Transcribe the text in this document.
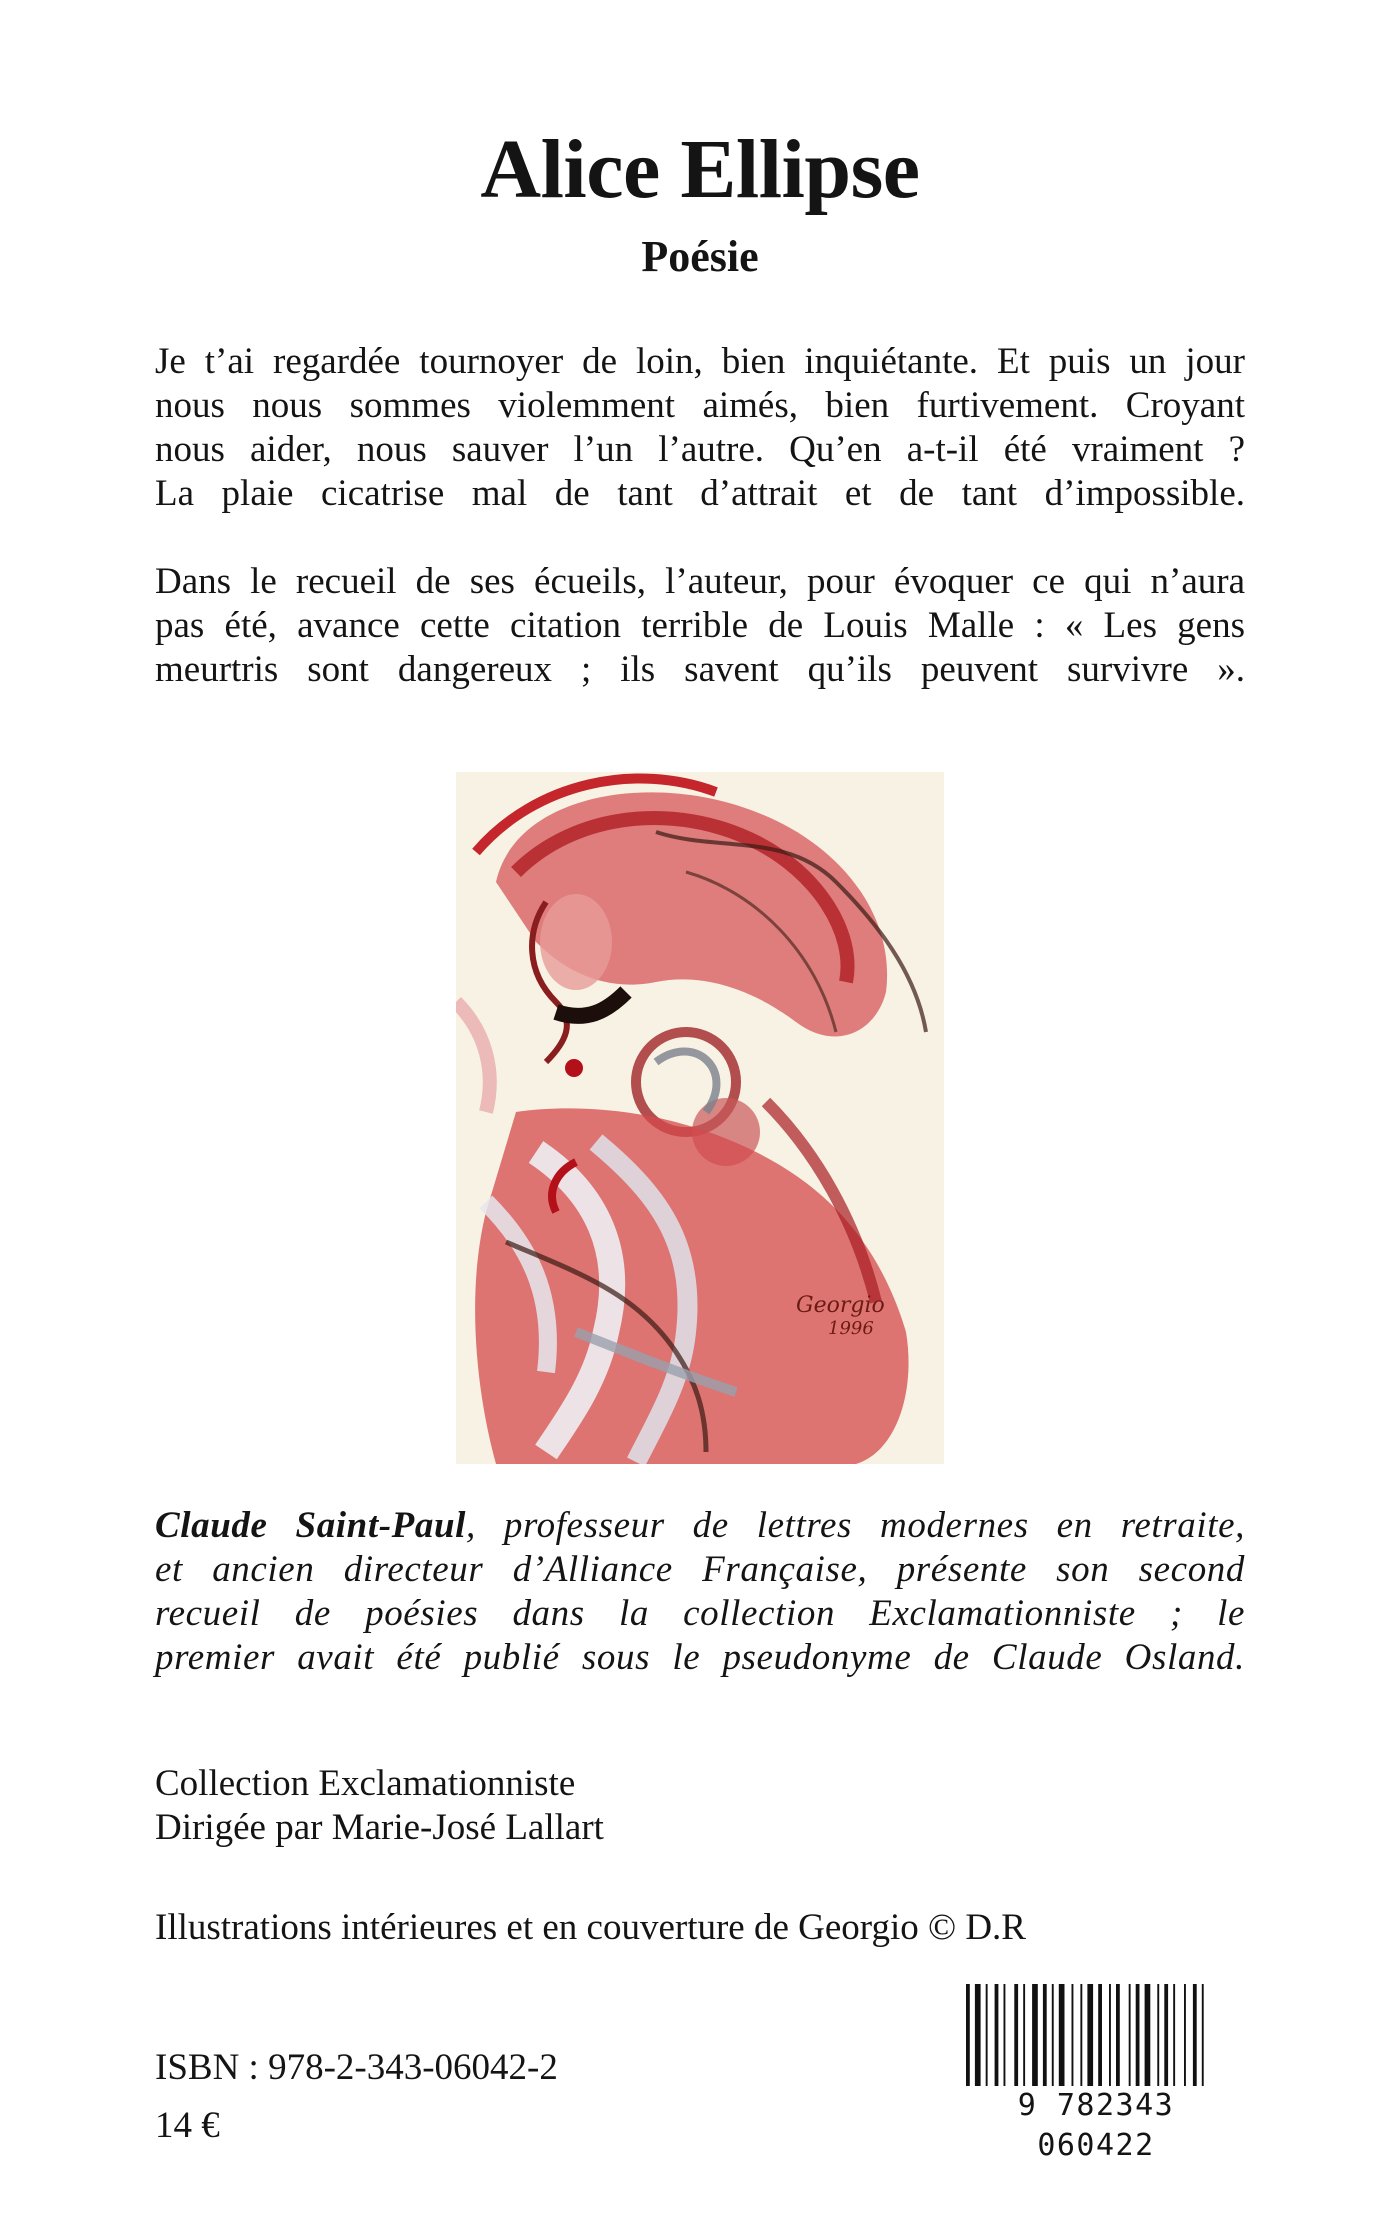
Alice Ellipse
Poésie
Je t’ai regardée tournoyer de loin, bien inquiétante. Et puis un jour
nous nous sommes violemment aimés, bien furtivement. Croyant
nous aider, nous sauver l’un l’autre. Qu’en a-t-il été vraiment ?
La plaie cicatrise mal de tant d’attrait et de tant d’impossible.
Dans le recueil de ses écueils, l’auteur, pour évoquer ce qui n’aura
pas été, avance cette citation terrible de Louis Malle : « Les gens
meurtris sont dangereux ; ils savent qu’ils peuvent survivre ».
Georgio
1996
Claude Saint-Paul, professeur de lettres modernes en retraite,
et ancien directeur d’Alliance Française, présente son second
recueil de poésies dans la collection Exclamationniste ; le
premier avait été publié sous le pseudonyme de Claude Osland.
Collection Exclamationniste
Dirigée par Marie-José Lallart
Illustrations intérieures et en couverture de Georgio © D.R
ISBN : 978-2-343-06042-2
14 €	9 782343 060422
